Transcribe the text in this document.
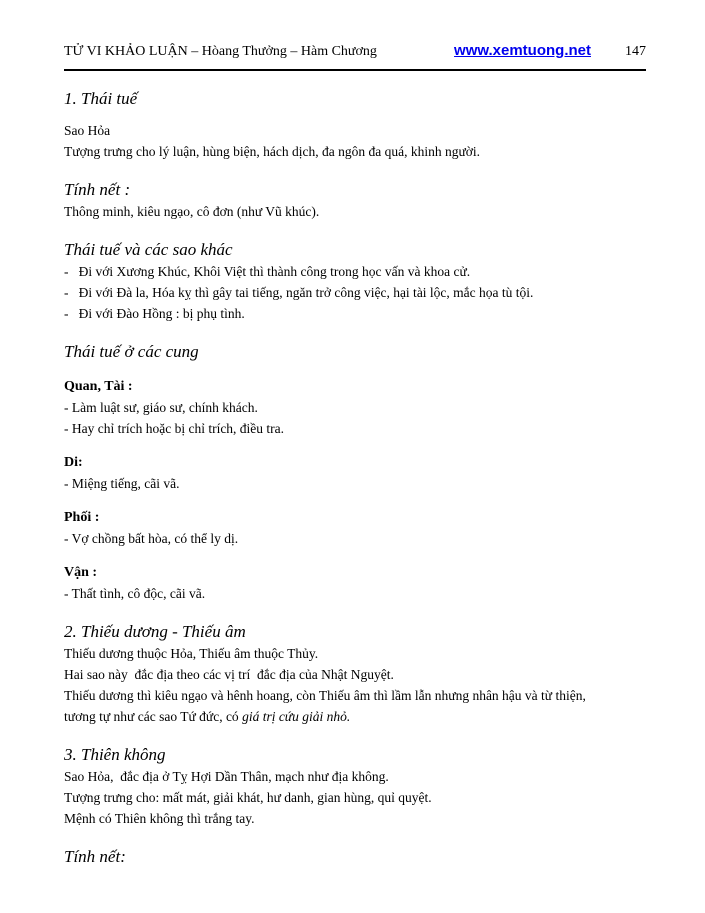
TỬ VI KHẢO LUẬN – Hòang Thưởng – Hàm Chương	www.xemtuong.net 147
1. Thái tuế
Sao Hỏa
Tượng trưng cho lý luận, hùng biện, hách dịch, đa ngôn đa quá, khinh người.
Tính nết :
Thông minh, kiêu ngạo, cô đơn (như Vũ khúc).
Thái tuế và các sao khác
-   Đi với Xương Khúc, Khôi Việt thì thành công trong học vấn và khoa cử.
-   Đi với Đà la, Hóa kỵ thì gây tai tiếng, ngăn trở công việc, hại tài lộc, mắc họa tù tội.
-   Đi với Đào Hồng : bị phụ tình.
Thái tuế ở các cung
Quan, Tài :
- Làm luật sư, giáo sư, chính khách.
- Hay chỉ trích hoặc bị chỉ trích, điều tra.
Di:
- Miệng tiếng, cãi vã.
Phối :
- Vợ chồng bất hòa, có thể ly dị.
Vận :
- Thất tình, cô độc, cãi vã.
2. Thiếu dương - Thiếu âm
Thiếu dương thuộc Hỏa, Thiếu âm thuộc Thủy.
Hai sao này  đắc địa theo các vị trí  đắc địa của Nhật Nguyệt.
Thiếu dương thì kiêu ngạo và hênh hoang, còn Thiếu âm thì lầm lẫn nhưng nhân hậu và từ thiện,
tương tự như các sao Tứ đức, có giá trị cứu giải nhỏ.
3. Thiên không
Sao Hỏa,  đắc địa ở Tỵ Hợi Dần Thân, mạch như địa không.
Tượng trưng cho: mất mát, giải khát, hư danh, gian hùng, quỉ quyệt.
Mệnh có Thiên không thì trắng tay.
Tính nết:
